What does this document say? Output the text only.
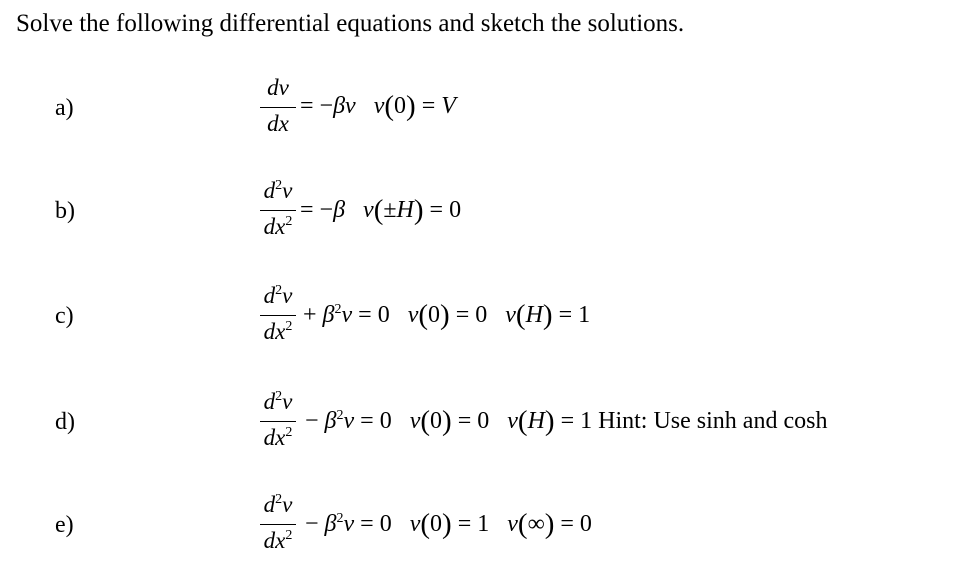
Solve the following differential equations and sketch the solutions.
a)
dv
dx
= −βv v(0) = V
b)
$d^2v$
$dx^2 = -\beta$ v(±H) = 0
c)
$d^2v$
$dx^2 + \beta^2v = 0$ v(0) = 0 v(H) = 1
d)
$d^2v$
$dx^2 - \beta^2v = 0$ v(0) = 0 v(H) = 1 Hint: Use sinh and cosh
e)
$d^2v$
$dx^2 - \beta^2v = 0$ v(0) = 1 v(∞) = 0
